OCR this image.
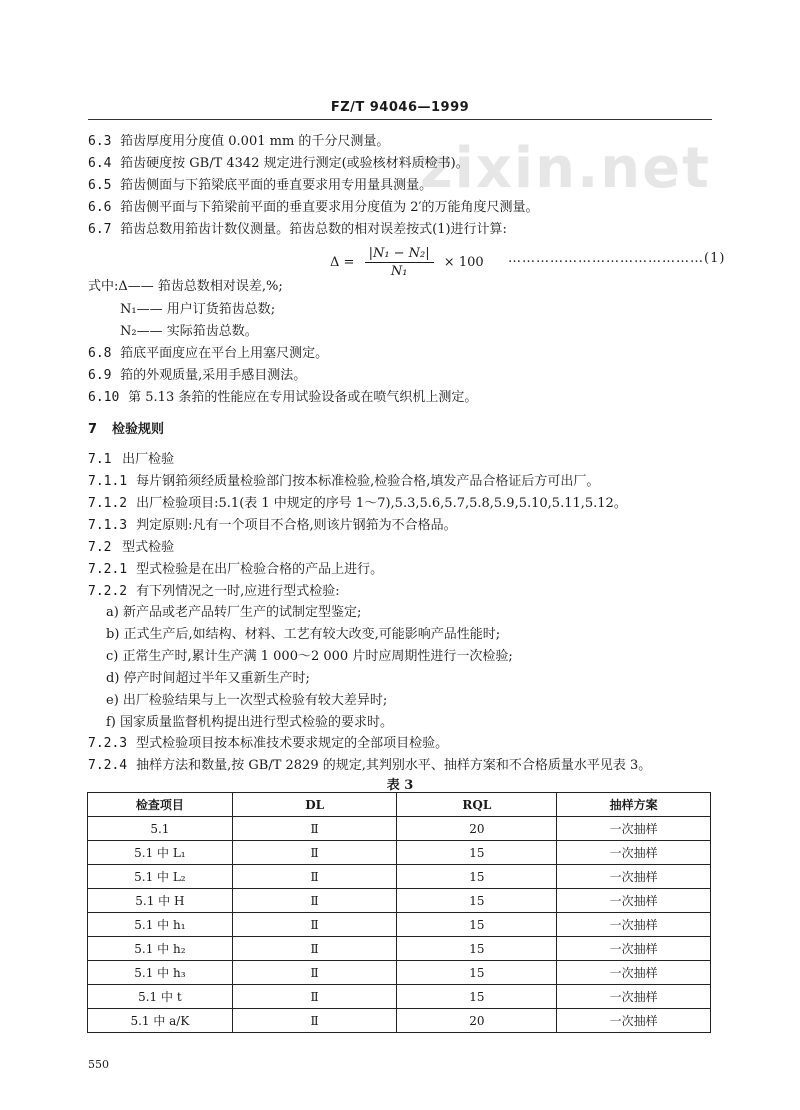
FZ/T 94046—1999
zixin.net
6.3 筘齿厚度用分度值 0.001 mm 的千分尺测量。
6.4 筘齿硬度按 GB/T 4342 规定进行测定(或验核材料质检书)。
6.5 筘齿侧面与下筘梁底平面的垂直要求用专用量具测量。
6.6 筘齿侧平面与下筘梁前平面的垂直要求用分度值为 2′的万能角度尺测量。
6.7 筘齿总数用筘齿计数仪测量。筘齿总数的相对误差按式(1)进行计算:
$\Delta = \frac{\text{|N₁ − N₂|}}{\text{N₁}} \times 100$ ……………………………………(1)
式中:Δ—— 筘齿总数相对误差,%;
N₁—— 用户订货筘齿总数;
N₂—— 实际筘齿总数。
6.8 筘底平面度应在平台上用塞尺测定。
6.9 筘的外观质量,采用手感目测法。
6.10 第 5.13 条筘的性能应在专用试验设备或在喷气织机上测定。
7 检验规则
7.1 出厂检验
7.1.1 每片钢筘须经质量检验部门按本标准检验,检验合格,填发产品合格证后方可出厂。
7.1.2 出厂检验项目:5.1(表 1 中规定的序号 1～7),5.3,5.6,5.7,5.8,5.9,5.10,5.11,5.12。
7.1.3 判定原则:凡有一个项目不合格,则该片钢筘为不合格品。
7.2 型式检验
7.2.1 型式检验是在出厂检验合格的产品上进行。
7.2.2 有下列情况之一时,应进行型式检验:
a) 新产品或老产品转厂生产的试制定型鉴定;
b) 正式生产后,如结构、材料、工艺有较大改变,可能影响产品性能时;
c) 正常生产时,累计生产满 1 000～2 000 片时应周期性进行一次检验;
d) 停产时间超过半年又重新生产时;
e) 出厂检验结果与上一次型式检验有较大差异时;
f) 国家质量监督机构提出进行型式检验的要求时。
7.2.3 型式检验项目按本标准技术要求规定的全部项目检验。
7.2.4 抽样方法和数量,按 GB/T 2829 的规定,其判别水平、抽样方案和不合格质量水平见表 3。
表 3
检查项目	DL	RQL	抽样方案
5.1	Ⅱ	20	一次抽样
5.1 中 L₁	Ⅱ	15	一次抽样
5.1 中 L₂	Ⅱ	15	一次抽样
5.1 中 H	Ⅱ	15	一次抽样
5.1 中 h₁	Ⅱ	15	一次抽样
5.1 中 h₂	Ⅱ	15	一次抽样
5.1 中 h₃	Ⅱ	15	一次抽样
5.1 中 t	Ⅱ	15	一次抽样
5.1 中 a/K	Ⅱ	20	一次抽样
550
